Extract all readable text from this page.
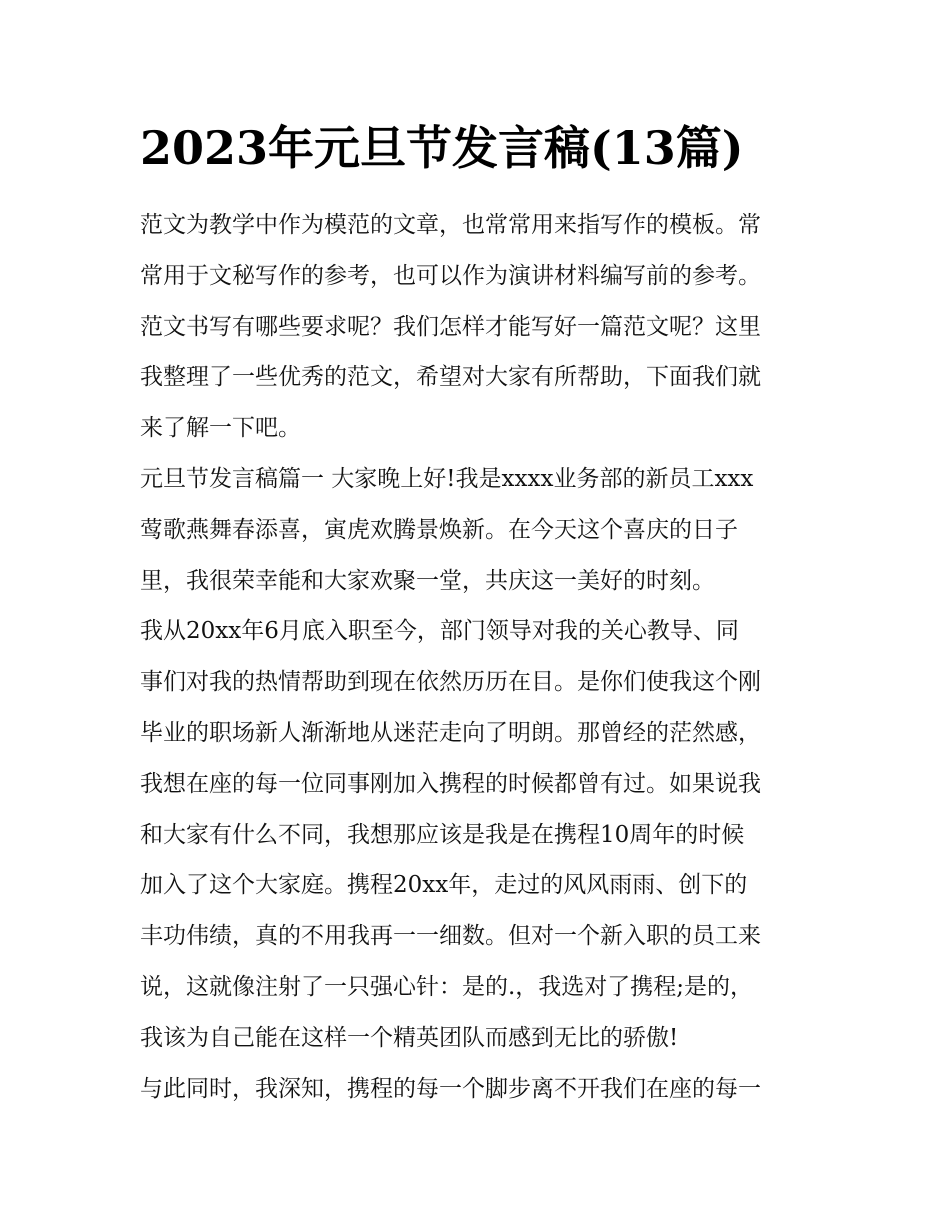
2023年元旦节发言稿(13篇)
范文为教学中作为模范的文章，也常常用来指写作的模板。常
常用于文秘写作的参考，也可以作为演讲材料编写前的参考。
范文书写有哪些要求呢？我们怎样才能写好一篇范文呢？这里
我整理了一些优秀的范文，希望对大家有所帮助，下面我们就
来了解一下吧。
元旦节发言稿篇一 大家晚上好!我是xxxx业务部的新员工xxx
莺歌燕舞春添喜，寅虎欢腾景焕新。在今天这个喜庆的日子
里，我很荣幸能和大家欢聚一堂，共庆这一美好的时刻。
我从20xx年6月底入职至今，部门领导对我的关心教导、同
事们对我的热情帮助到现在依然历历在目。是你们使我这个刚
毕业的职场新人渐渐地从迷茫走向了明朗。那曾经的茫然感，
我想在座的每一位同事刚加入携程的时候都曾有过。如果说我
和大家有什么不同，我想那应该是我是在携程10周年的时候
加入了这个大家庭。携程20xx年，走过的风风雨雨、创下的
丰功伟绩，真的不用我再一一细数。但对一个新入职的员工来
说，这就像注射了一只强心针：是的.，我选对了携程;是的，
我该为自己能在这样一个精英团队而感到无比的骄傲!
与此同时，我深知，携程的每一个脚步离不开我们在座的每一
